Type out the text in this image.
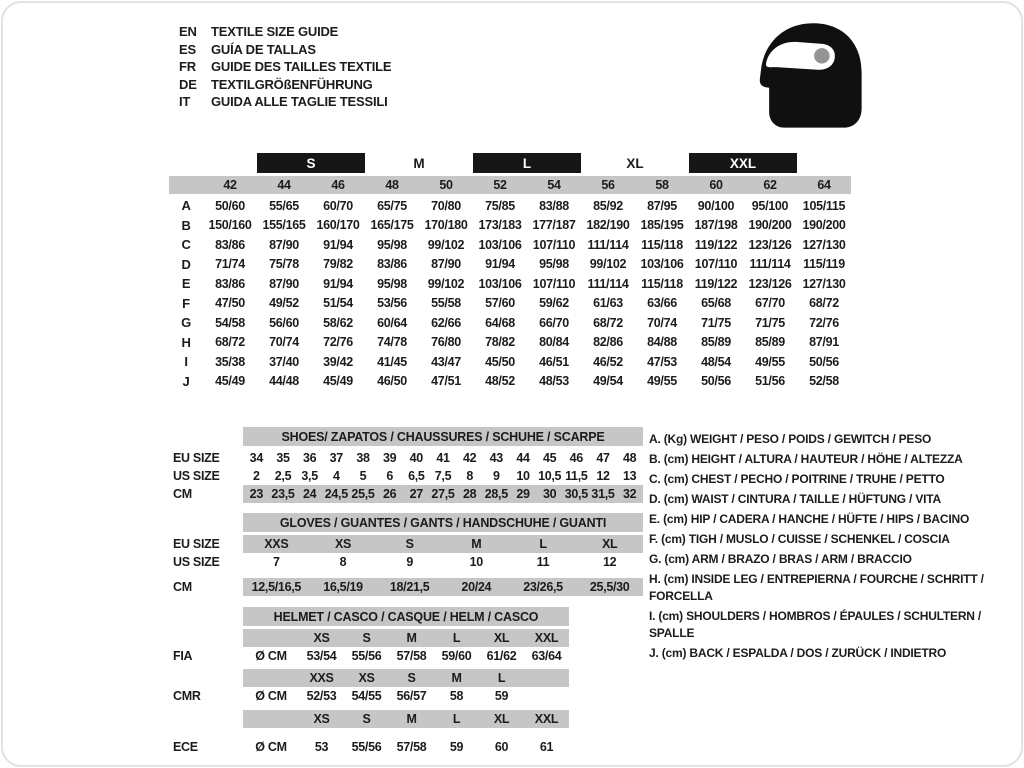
EN TEXTILE SIZE GUIDE
ES GUÍA DE TALLAS
FR GUIDE DES TAILLES TEXTILE
DE TEXTILGRÖßENFÜHRUNG
IT GUIDA ALLE TAGLIE TESSILI
S	M	L	XL	XXL
42	44	46	48	50	52	54	56	58	60	62	64
A	50/60	55/65	60/70	65/75	70/80	75/85	83/88	85/92	87/95	90/100	95/100	105/115
B	150/160 155/165 160/170 165/175 170/180 173/183 177/187 182/190 185/195 187/198 190/200 190/200
C	83/86	87/90	91/94	95/98	99/102	103/106 107/110 111/114	115/118 119/122 123/126 127/130
D	71/74	75/78	79/82	83/86	87/90	91/94	95/98	99/102	103/106 107/110 111/114	115/119
E	83/86	87/90	91/94	95/98	99/102	103/106 107/110 111/114	115/118 119/122 123/126 127/130
F	47/50	49/52	51/54	53/56	55/58	57/60	59/62	61/63	63/66	65/68	67/70	68/72
G	54/58	56/60	58/62	60/64	62/66	64/68	66/70	68/72	70/74	71/75	71/75	72/76
H	68/72	70/74	72/76	74/78	76/80	78/82	80/84	82/86	84/88	85/89	85/89	87/91
I	35/38	37/40	39/42	41/45	43/47	45/50	46/51	46/52	47/53	48/54	49/55	50/56
J	45/49	44/48	45/49	46/50	47/51	48/52	48/53	49/54	49/55	50/56	51/56	52/58
SHOES/ ZAPATOS / CHAUSSURES / SCHUHE / SCARPE
EU SIZE	34	35	36	37	38	39	40	41	42	43	44	45	46	47	48
US SIZE	2	2,5 3,5	4	5	6	6,5 7,5	8	9	10 10,5 11,5 12	13
CM	23 23,5 24 24,5 25,5 26	27 27,5 28 28,5 29	30 30,5 31,5 32
GLOVES / GUANTES / GANTS / HANDSCHUHE / GUANTI
EU SIZE	XXS	XS	S	M	L	XL
US SIZE	7	8	9	10	11	12
CM	12,5/16,5	16,5/19	18/21,5	20/24	23/26,5	25,5/30
HELMET / CASCO / CASQUE / HELM / CASCO
XS	S	M	L	XL	XXL
FIA	Ø CM	53/54	55/56	57/58	59/60	61/62	63/64
XXS	XS	S	M	L
CMR	Ø CM	52/53	54/55	56/57	58	59
XS	S	M	L	XL	XXL
ECE	Ø CM	53	55/56	57/58	59	60	61
A. (Kg) WEIGHT / PESO / POIDS / GEWITCH / PESO
B. (cm) HEIGHT / ALTURA / HAUTEUR / HÖHE / ALTEZZA
C. (cm) CHEST / PECHO / POITRINE / TRUHE / PETTO
D. (cm) WAIST / CINTURA / TAILLE / HÜFTUNG / VITA
E. (cm) HIP / CADERA / HANCHE / HÜFTE / HIPS / BACINO
F. (cm) TIGH / MUSLO / CUISSE / SCHENKEL / COSCIA
G. (cm) ARM / BRAZO / BRAS / ARM / BRACCIO
H. (cm) INSIDE LEG / ENTREPIERNA / FOURCHE / SCHRITT / FORCELLA
I. (cm) SHOULDERS / HOMBROS / ÉPAULES / SCHULTERN / SPALLE
J. (cm) BACK / ESPALDA / DOS / ZURÜCK / INDIETRO
